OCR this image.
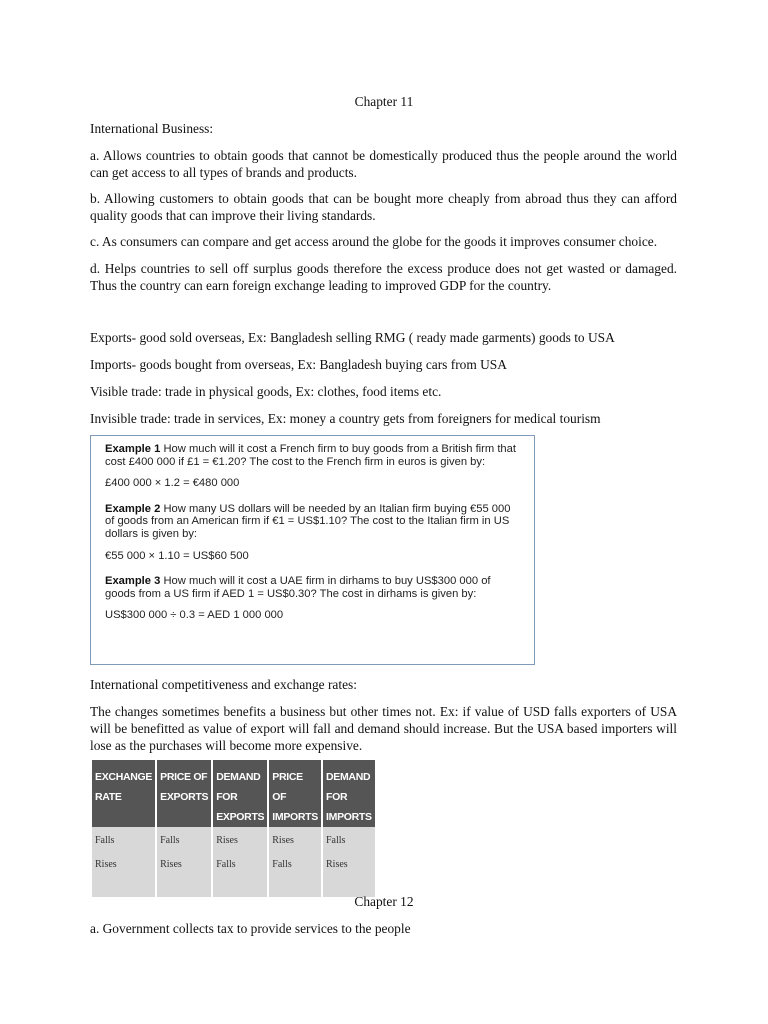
Chapter 11

International Business:

a. Allows countries to obtain goods that cannot be domestically produced thus the people around the world can get access to all types of brands and products.

b. Allowing customers to obtain goods that can be bought more cheaply from abroad thus they can afford quality goods that can improve their living standards.

c. As consumers can compare and get access around the globe for the goods it improves consumer choice.

d. Helps countries to sell off surplus goods therefore the excess produce does not get wasted or damaged. Thus the country can earn foreign exchange leading to improved GDP for the country.

Exports- good sold overseas, Ex: Bangladesh selling RMG ( ready made garments) goods to USA

Imports- goods bought from overseas, Ex: Bangladesh buying cars from USA

Visible trade: trade in physical goods, Ex: clothes, food items etc.

Invisible trade: trade in services, Ex: money a country gets from foreigners for medical tourism

Example 1 How much will it cost a French firm to buy goods from a British firm that cost £400 000 if £1 = €1.20? The cost to the French firm in euros is given by:

£400 000 × 1.2 = €480 000

Example 2 How many US dollars will be needed by an Italian firm buying €55 000 of goods from an American firm if €1 = US$1.10? The cost to the Italian firm in US dollars is given by:

€55 000 × 1.10 = US$60 500

Example 3 How much will it cost a UAE firm in dirhams to buy US$300 000 of goods from a US firm if AED 1 = US$0.30? The cost in dirhams is given by:

US$300 000 ÷ 0.3 = AED 1 000 000

International competitiveness and exchange rates:

The changes sometimes benefits a business but other times not. Ex: if value of USD falls exporters of USA will be benefitted as value of export will fall and demand should increase. But the USA based importers will lose as the purchases will become more expensive.

EXCHANGE RATE	PRICE OF EXPORTS	DEMAND FOR EXPORTS	PRICE OF IMPORTS	DEMAND FOR IMPORTS
Falls	Falls	Rises	Rises	Falls
Rises	Rises	Falls	Falls	Rises

Chapter 12

a. Government collects tax to provide services to the people
